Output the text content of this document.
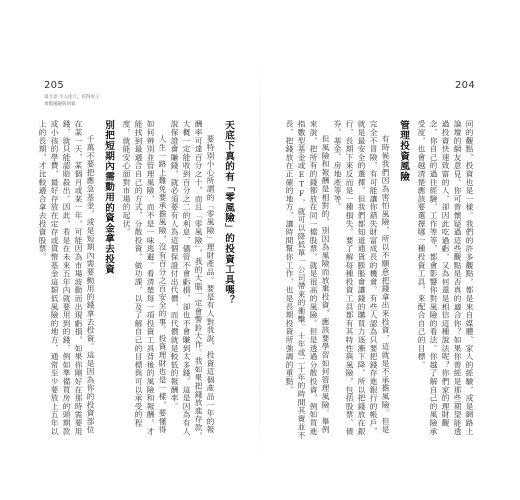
205
第九章 不入虎穴，焉得虎子
承擔風險與回報
天底下真的有「零風險」的投資工具嗎？

要特別小心所謂的「零風險」理財產品。要是有人對我說，投資這個產品一年的報酬率可達百分之十，而且「零風險」，我的大腦一定會警鈴大作。我如果把錢放進存款，大概一定能收到百分之二的利息，儘管不會虧損，卻也不會賺到太多錢。這是因為有人說保證會賺錢，就必須要有人為這個保證付出代價，而代價就是較低的報酬率。

人生一路上難免要承擔風險，沒有百分之百安全的事。投資理財也是一樣，要懂得如何辨別並管理風險，而不是一味逃避。看清楚每一項投資工具背後的風險和報酬，才能找到最適合自己的方式，分散投資，做功課，以及了解自己的目標與可以承受的程度，就能安心面對市場的起伏。

別把短期內需動用的資金拿去投資

千萬不要把應急基金，或是短期內需要動用的錢拿去投資。這是因為你的投資部位在某一天，某個月或某一年，可能因為市場波動而出現虧損，如果你剛好在那時需要用錢，就只能認賠殺出。因此，若是在未來五年內就要用到的錢，例如準備買房的頭期款或小孩的學費，最好存放在定存或貨幣基金這類低風險的地方，通常至少要放上五年以上的長期，才比較適合拿去投資股票。

204

同的觀點，投資也是一樣。我們的許多觀點，都是來自媒體、家人的經驗，或是網路上論壇的網友意見。你可曾懷疑過這些觀點是否真的適合你？如果你曾經是那些期望能透過投資快速致富的人，卻因此吃過虧，又為何還是相信這種說法呢？你們家的理財觀念，你自己的過往經驗，工作等等，都會影響你對風險的看法。你越了解自己的風險承受度，也會越清楚應該要選擇哪一種投資工具，來配合自己的目標。

管理投資風險

有時候我們因為害怕風險，所以不願意把錢拿出來投資，這就是不承擔風險。但是完全不冒險，有可能讓你錯失財富成長的機會。有些人認為只要把錢存進銀行的帳戶，就是最安全的選擇。但我們都知道通貨膨脹會讓錢的購買力逐漸下降，所以把錢放在銀行，長期下來反而是一種損失。要了解每種投資工具都有其特性與風險，包括股票、債券、基金、房地產等等。

但風險和報酬是相對的，別因為風險而放棄投資，應該要學習如何管理風險。舉例來說，把所有的錢都放在同一檔股票，就是很高的風險。但是透過分散投資，例如買進指數型基金或ETF，就可以降低單一公司帶來的衝擊。十年或二十年的時間其實並不長，把錢放在正確的地方，讓時間幫你工作，也是長期投資所強調的重點。
